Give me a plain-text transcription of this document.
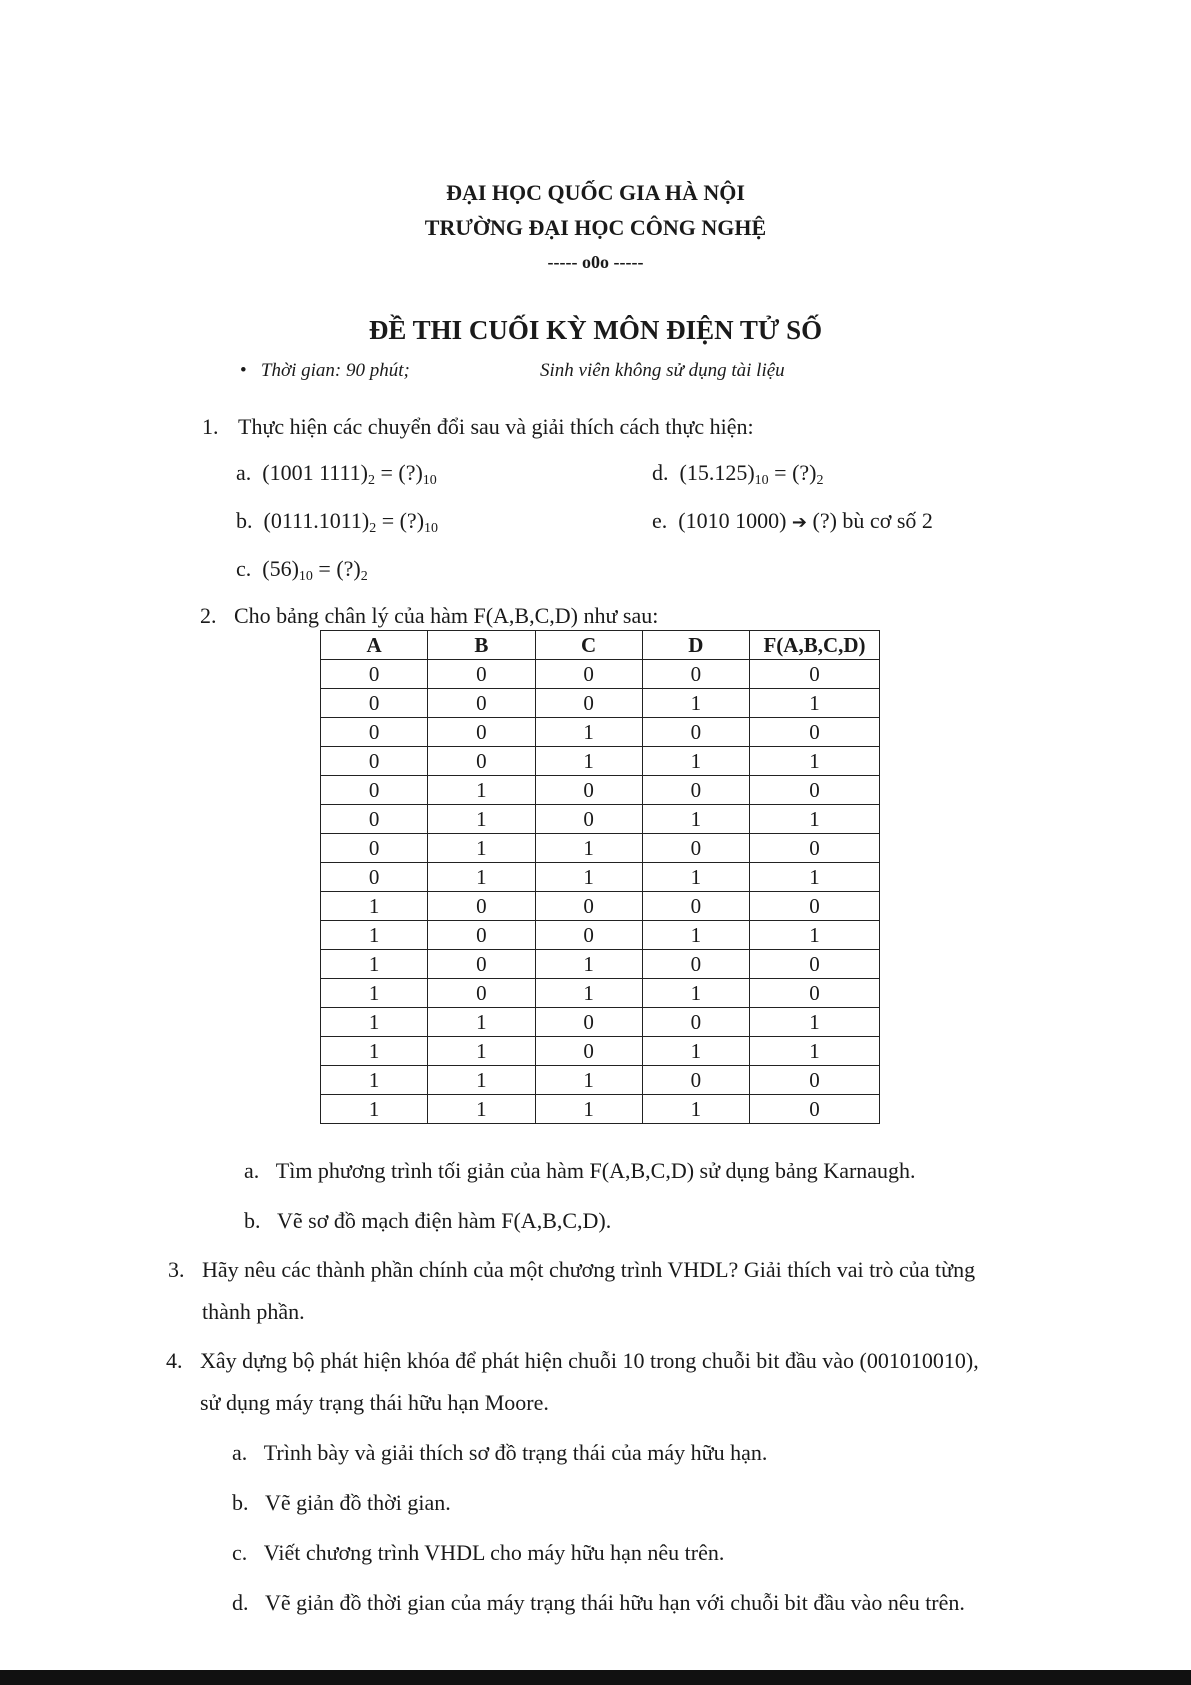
ĐẠI HỌC QUỐC GIA HÀ NỘI
TRƯỜNG ĐẠI HỌC CÔNG NGHỆ
----- o0o -----
ĐỀ THI CUỐI KỲ MÔN ĐIỆN TỬ SỐ
•   Thời gian: 90 phút;	Sinh viên không sử dụng tài liệu
1. Thực hiện các chuyển đổi sau và giải thích cách thực hiện:
a. (1001 $1111)_2$ = $(?)_{10}$
b. $(0111.1011)_2$ = $(?)_{10}$
c. $(56)_{10}$ = $(?)_2$
d. $(15.125)_{10}$ = $(?)_2$
e. (1010 1000) ➔ (?) bù cơ số 2
2. Cho bảng chân lý của hàm F(A,B,C,D) như sau:
A	B	C	D	F(A,B,C,D)
0	0	0	0	0
0	0	0	1	1
0	0	1	0	0
0	0	1	1	1
0	1	0	0	0
0	1	0	1	1
0	1	1	0	0
0	1	1	1	1
1	0	0	0	0
1	0	0	1	1
1	0	1	0	0
1	0	1	1	0
1	1	0	0	1
1	1	0	1	1
1	1	1	0	0
1	1	1	1	0
a. Tìm phương trình tối giản của hàm F(A,B,C,D) sử dụng bảng Karnaugh.
b. Vẽ sơ đồ mạch điện hàm F(A,B,C,D).
3. Hãy nêu các thành phần chính của một chương trình VHDL? Giải thích vai trò của từng
thành phần.
4. Xây dựng bộ phát hiện khóa để phát hiện chuỗi 10 trong chuỗi bit đầu vào (001010010),
sử dụng máy trạng thái hữu hạn Moore.
a. Trình bày và giải thích sơ đồ trạng thái của máy hữu hạn.
b. Vẽ giản đồ thời gian.
c. Viết chương trình VHDL cho máy hữu hạn nêu trên.
d. Vẽ giản đồ thời gian của máy trạng thái hữu hạn với chuỗi bit đầu vào nêu trên.
